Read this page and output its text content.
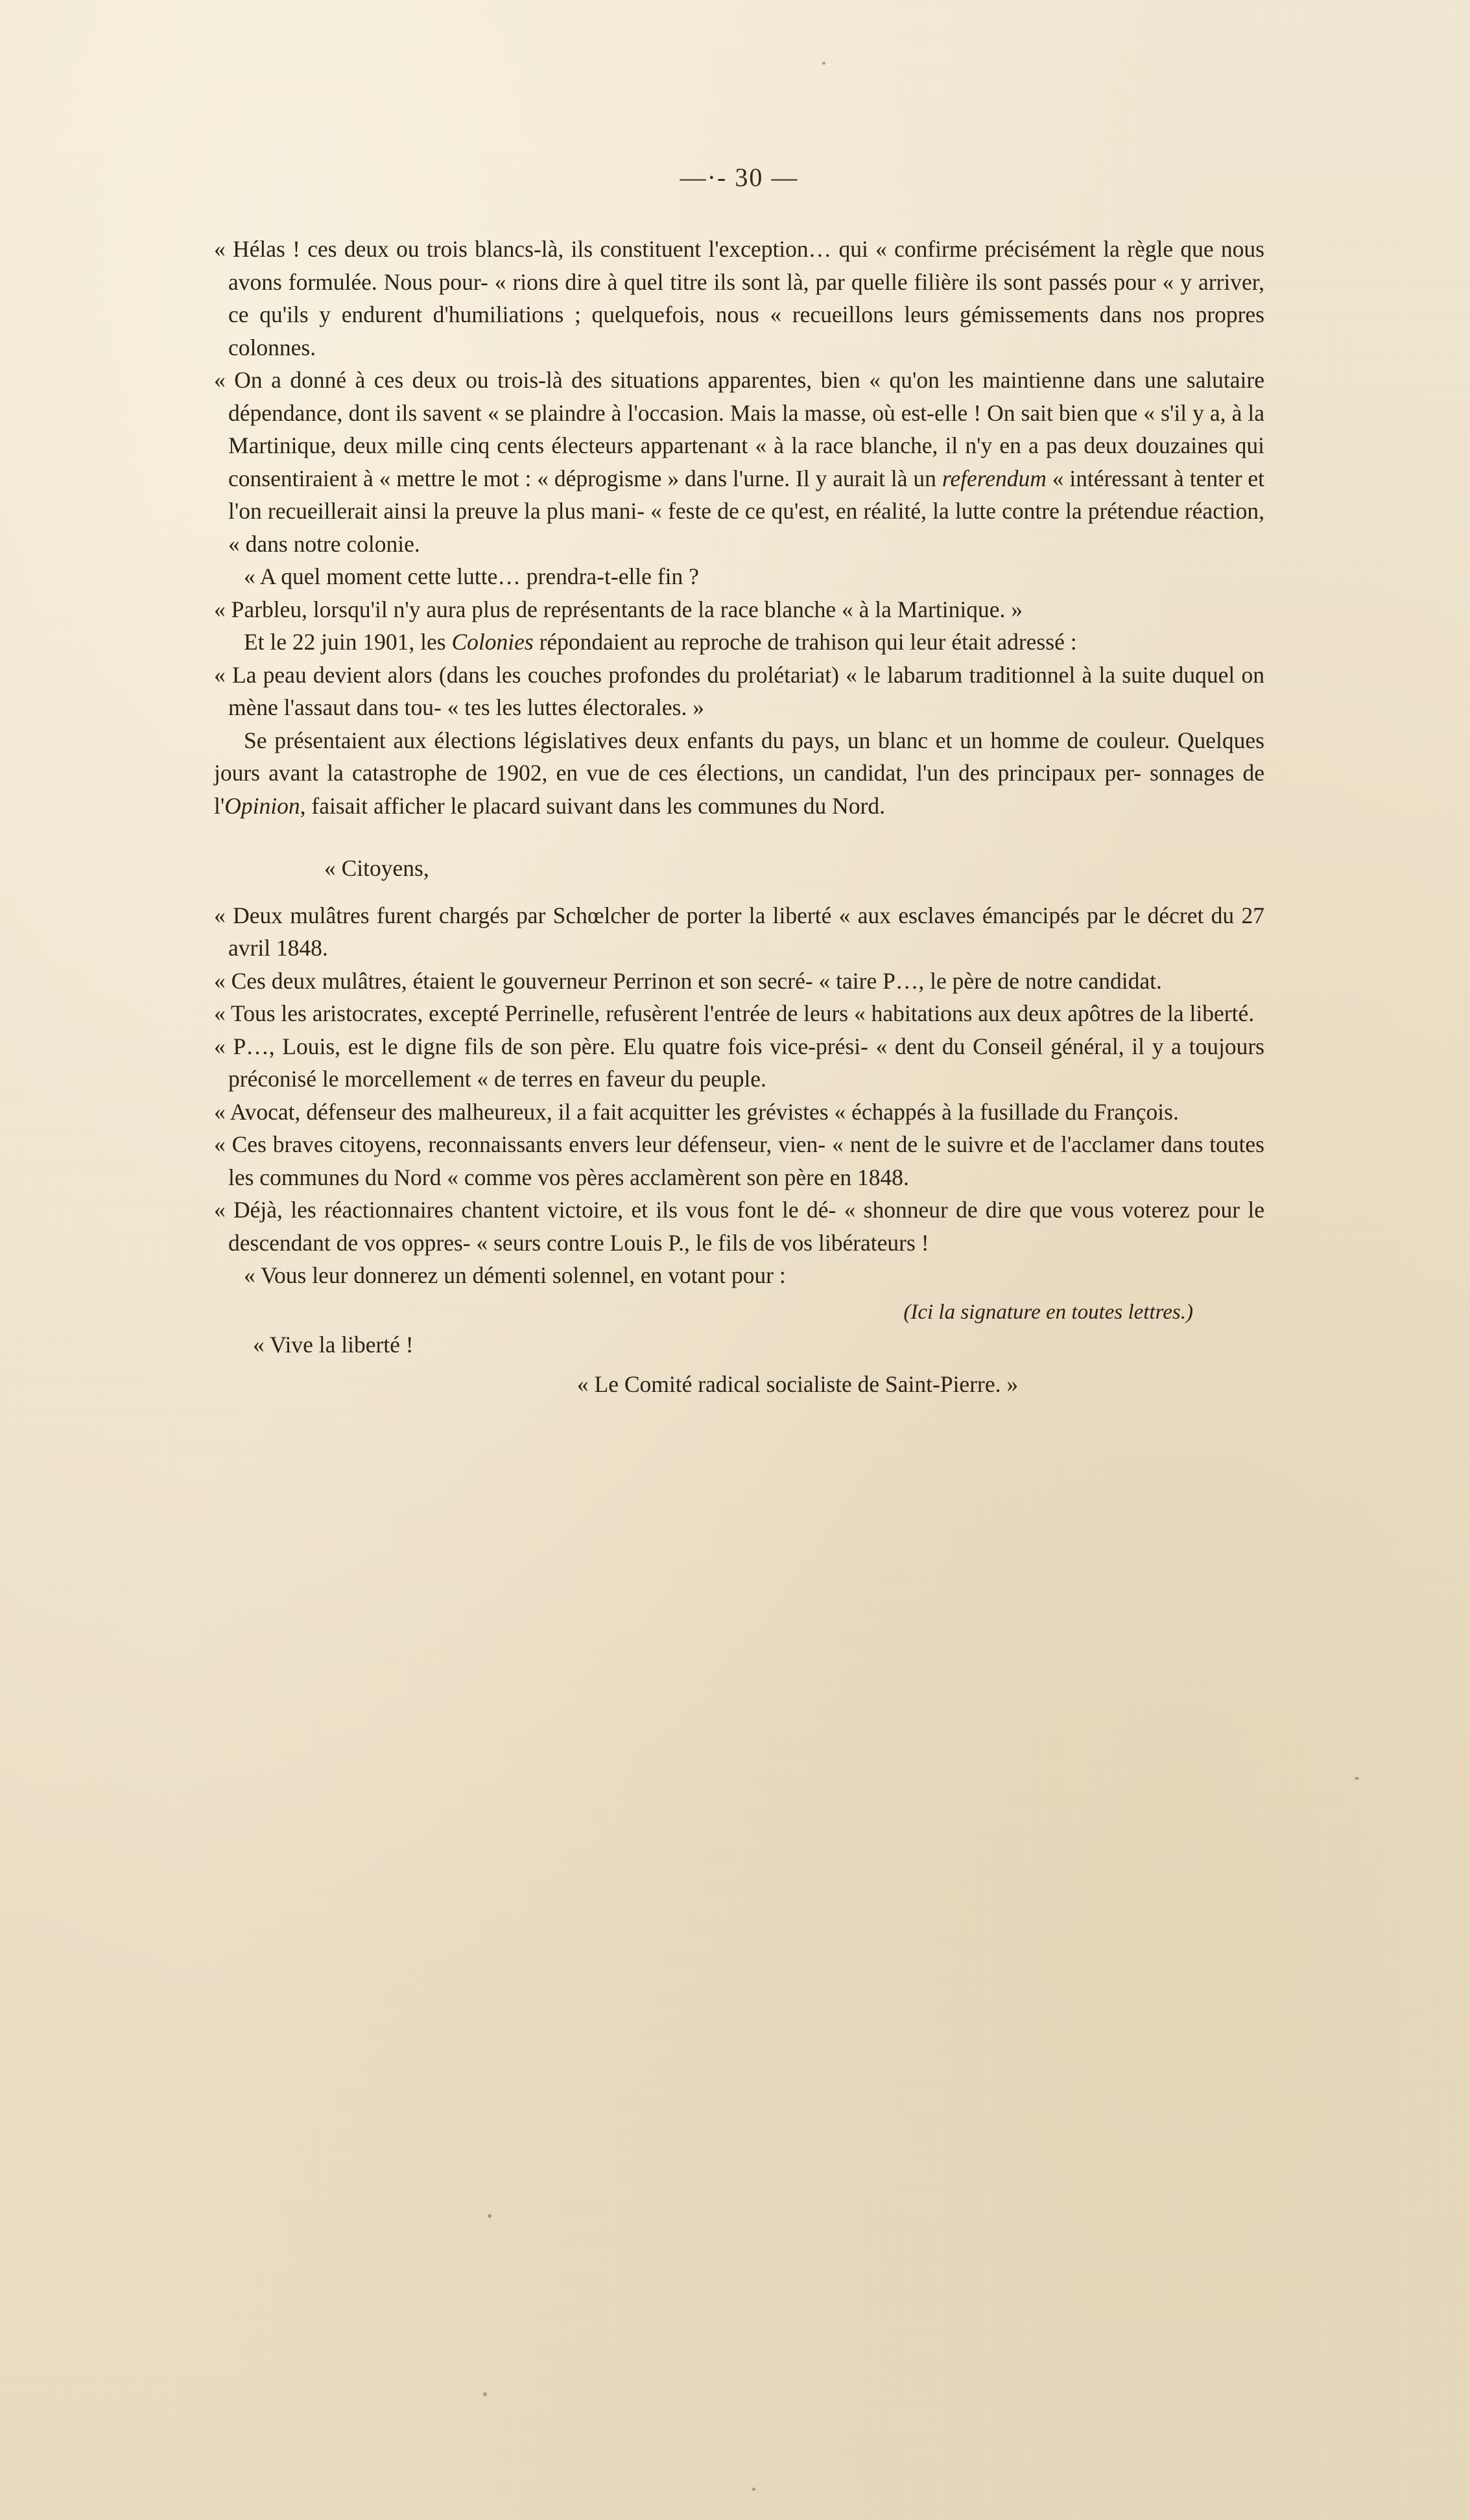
—·- 30 —

« Hélas ! ces deux ou trois blancs-là, ils constituent l'exception… qui « confirme précisément la règle que nous avons formulée. Nous pour- « rions dire à quel titre ils sont là, par quelle filière ils sont passés pour « y arriver, ce qu'ils y endurent d'humiliations ; quelquefois, nous « recueillons leurs gémissements dans nos propres colonnes.

« On a donné à ces deux ou trois-là des situations apparentes, bien « qu'on les maintienne dans une salutaire dépendance, dont ils savent « se plaindre à l'occasion. Mais la masse, où est-elle ! On sait bien que « s'il y a, à la Martinique, deux mille cinq cents électeurs appartenant « à la race blanche, il n'y en a pas deux douzaines qui consentiraient à « mettre le mot : « déprogisme » dans l'urne. Il y aurait là un referendum « intéressant à tenter et l'on recueillerait ainsi la preuve la plus mani- « feste de ce qu'est, en réalité, la lutte contre la prétendue réaction, « dans notre colonie.

« A quel moment cette lutte… prendra-t-elle fin ?

« Parbleu, lorsqu'il n'y aura plus de représentants de la race blanche « à la Martinique. »

Et le 22 juin 1901, les Colonies répondaient au reproche de trahison qui leur était adressé :

« La peau devient alors (dans les couches profondes du prolétariat) « le labarum traditionnel à la suite duquel on mène l'assaut dans tou- « tes les luttes électorales. »

Se présentaient aux élections législatives deux enfants du pays, un blanc et un homme de couleur. Quelques jours avant la catastrophe de 1902, en vue de ces élections, un candidat, l'un des principaux per- sonnages de l'Opinion, faisait afficher le placard suivant dans les communes du Nord.

« Citoyens,

« Deux mulâtres furent chargés par Schœlcher de porter la liberté « aux esclaves émancipés par le décret du 27 avril 1848.

« Ces deux mulâtres, étaient le gouverneur Perrinon et son secré- « taire P…, le père de notre candidat.

« Tous les aristocrates, excepté Perrinelle, refusèrent l'entrée de leurs « habitations aux deux apôtres de la liberté.

« P…, Louis, est le digne fils de son père. Elu quatre fois vice-prési- « dent du Conseil général, il y a toujours préconisé le morcellement « de terres en faveur du peuple.

« Avocat, défenseur des malheureux, il a fait acquitter les grévistes « échappés à la fusillade du François.

« Ces braves citoyens, reconnaissants envers leur défenseur, vien- « nent de le suivre et de l'acclamer dans toutes les communes du Nord « comme vos pères acclamèrent son père en 1848.

« Déjà, les réactionnaires chantent victoire, et ils vous font le dé- « shonneur de dire que vous voterez pour le descendant de vos oppres- « seurs contre Louis P., le fils de vos libérateurs !

« Vous leur donnerez un démenti solennel, en votant pour :

(Ici la signature en toutes lettres.)

« Vive la liberté !

« Le Comité radical socialiste de Saint-Pierre. »
